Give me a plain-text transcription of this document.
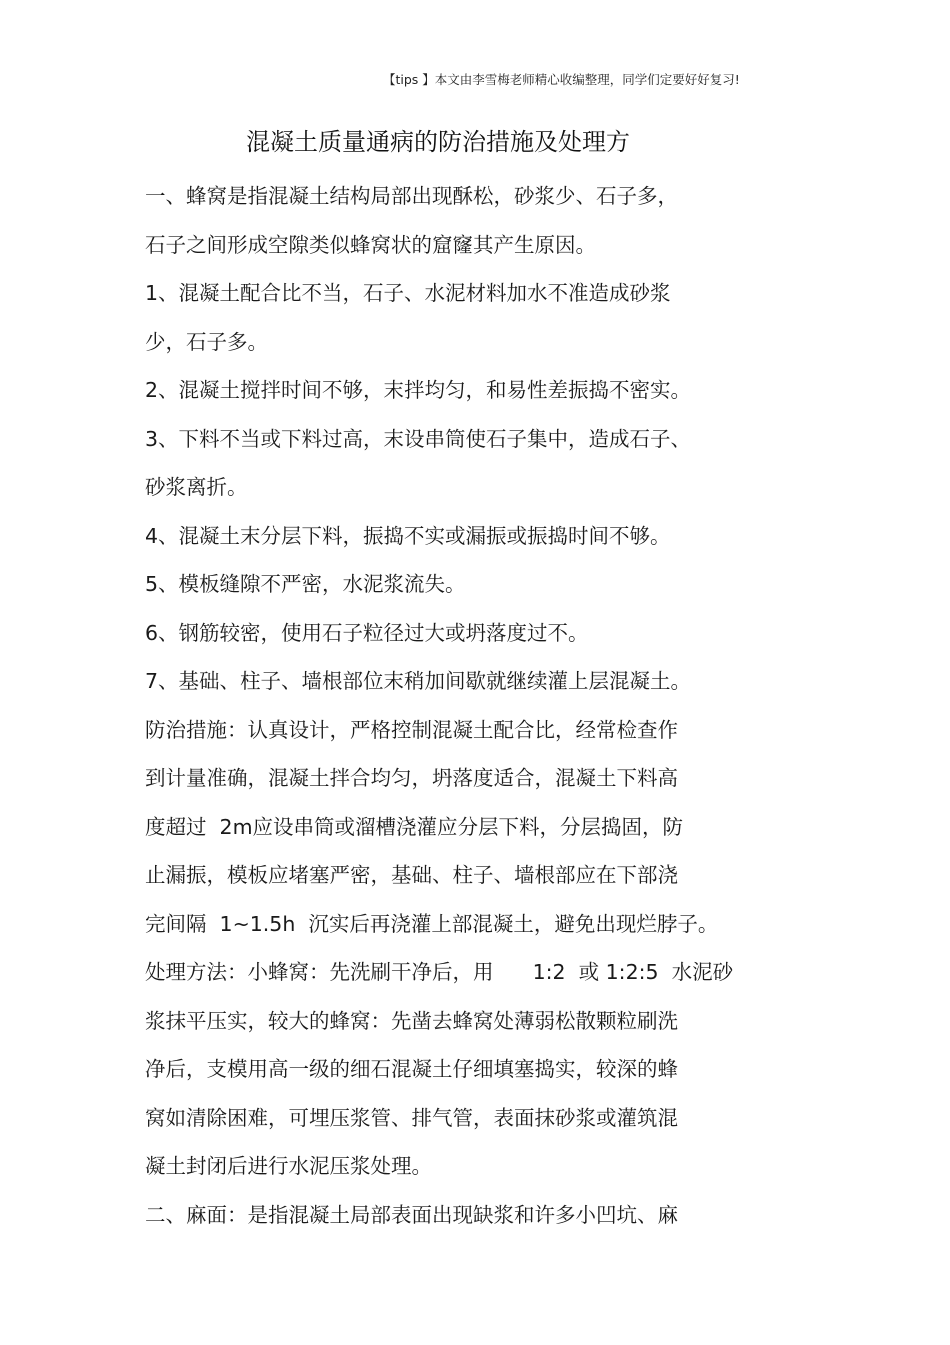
【tips 】本文由李雪梅老师精心收编整理，同学们定要好好复习!
混凝土质量通病的防治措施及处理方
一、蜂窝是指混凝土结构局部出现酥松，砂浆少、石子多，
石子之间形成空隙类似蜂窝状的窟窿其产生原因。
1、混凝土配合比不当，石子、水泥材料加水不准造成砂浆
少，石子多。
2、混凝土搅拌时间不够，末拌均匀，和易性差振捣不密实。
3、下料不当或下料过高，末设串筒使石子集中，造成石子、
砂浆离折。
4、混凝土末分层下料，振捣不实或漏振或振捣时间不够。
5、模板缝隙不严密，水泥浆流失。
6、钢筋较密，使用石子粒径过大或坍落度过不。
7、基础、柱子、墙根部位末稍加间歇就继续灌上层混凝土。
防治措施：认真设计，严格控制混凝土配合比，经常检查作
到计量准确，混凝土拌合均匀，坍落度适合，混凝土下料高
度超过  2m应设串筒或溜槽浇灌应分层下料，分层捣固，防
止漏振，模板应堵塞严密，基础、柱子、墙根部应在下部浇
完间隔  1~1.5h  沉实后再浇灌上部混凝土，避免出现烂脖子。
处理方法：小蜂窝：先洗刷干净后，用      1:2  或 1:2:5  水泥砂
浆抹平压实，较大的蜂窝：先凿去蜂窝处薄弱松散颗粒刷洗
净后，支模用高一级的细石混凝土仔细填塞捣实，较深的蜂
窝如清除困难，可埋压浆管、排气管，表面抹砂浆或灌筑混
凝土封闭后进行水泥压浆处理。
二、麻面：是指混凝土局部表面出现缺浆和许多小凹坑、麻
